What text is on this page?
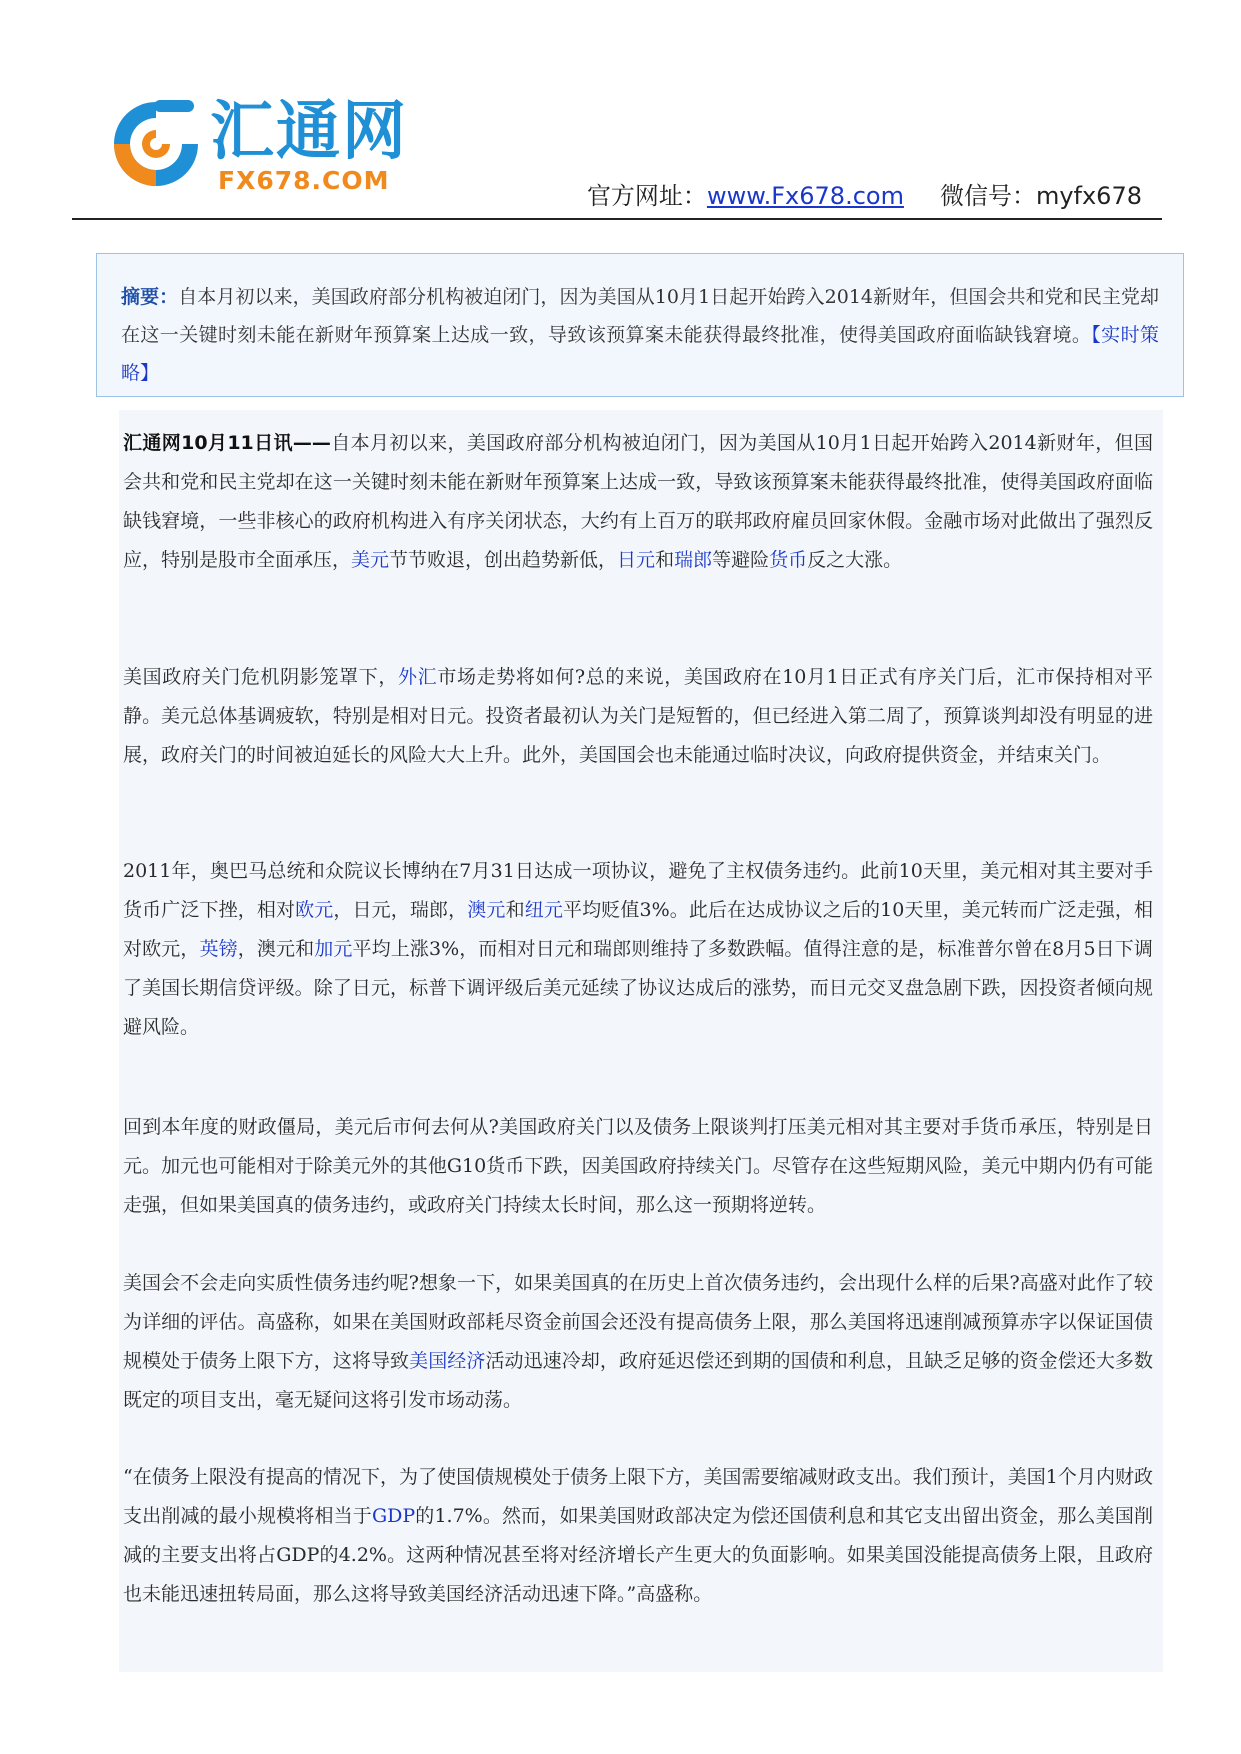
汇通网
FX678.COM
官方网址：www.Fx678.com 微信号：myfx678
摘要：自本月初以来，美国政府部分机构被迫闭门，因为美国从10月1日起开始跨入2014新财年，但国会共和党和民主党却在这一关键时刻未能在新财年预算案上达成一致，导致该预算案未能获得最终批准，使得美国政府面临缺钱窘境。【实时策略】

汇通网10月11日讯——自本月初以来，美国政府部分机构被迫闭门，因为美国从10月1日起开始跨入2014新财年，但国会共和党和民主党却在这一关键时刻未能在新财年预算案上达成一致，导致该预算案未能获得最终批准，使得美国政府面临缺钱窘境，一些非核心的政府机构进入有序关闭状态，大约有上百万的联邦政府雇员回家休假。金融市场对此做出了强烈反应，特别是股市全面承压，美元节节败退，创出趋势新低，日元和瑞郎等避险货币反之大涨。

美国政府关门危机阴影笼罩下，外汇市场走势将如何?总的来说，美国政府在10月1日正式有序关门后，汇市保持相对平静。美元总体基调疲软，特别是相对日元。投资者最初认为关门是短暂的，但已经进入第二周了，预算谈判却没有明显的进展，政府关门的时间被迫延长的风险大大上升。此外，美国国会也未能通过临时决议，向政府提供资金，并结束关门。

2011年，奥巴马总统和众院议长博纳在7月31日达成一项协议，避免了主权债务违约。此前10天里，美元相对其主要对手货币广泛下挫，相对欧元，日元，瑞郎，澳元和纽元平均贬值3%。此后在达成协议之后的10天里，美元转而广泛走强，相对欧元，英镑，澳元和加元平均上涨3%，而相对日元和瑞郎则维持了多数跌幅。值得注意的是，标准普尔曾在8月5日下调了美国长期信贷评级。除了日元，标普下调评级后美元延续了协议达成后的涨势，而日元交叉盘急剧下跌，因投资者倾向规避风险。

回到本年度的财政僵局，美元后市何去何从?美国政府关门以及债务上限谈判打压美元相对其主要对手货币承压，特别是日元。加元也可能相对于除美元外的其他G10货币下跌，因美国政府持续关门。尽管存在这些短期风险，美元中期内仍有可能走强，但如果美国真的债务违约，或政府关门持续太长时间，那么这一预期将逆转。

美国会不会走向实质性债务违约呢?想象一下，如果美国真的在历史上首次债务违约，会出现什么样的后果?高盛对此作了较为详细的评估。高盛称，如果在美国财政部耗尽资金前国会还没有提高债务上限，那么美国将迅速削减预算赤字以保证国债规模处于债务上限下方，这将导致美国经济活动迅速冷却，政府延迟偿还到期的国债和利息，且缺乏足够的资金偿还大多数既定的项目支出，毫无疑问这将引发市场动荡。

“在债务上限没有提高的情况下，为了使国债规模处于债务上限下方，美国需要缩减财政支出。我们预计，美国1个月内财政支出削减的最小规模将相当于GDP的1.7%。然而，如果美国财政部决定为偿还国债利息和其它支出留出资金，那么美国削减的主要支出将占GDP的4.2%。这两种情况甚至将对经济增长产生更大的负面影响。如果美国没能提高债务上限，且政府也未能迅速扭转局面，那么这将导致美国经济活动迅速下降。”高盛称。
